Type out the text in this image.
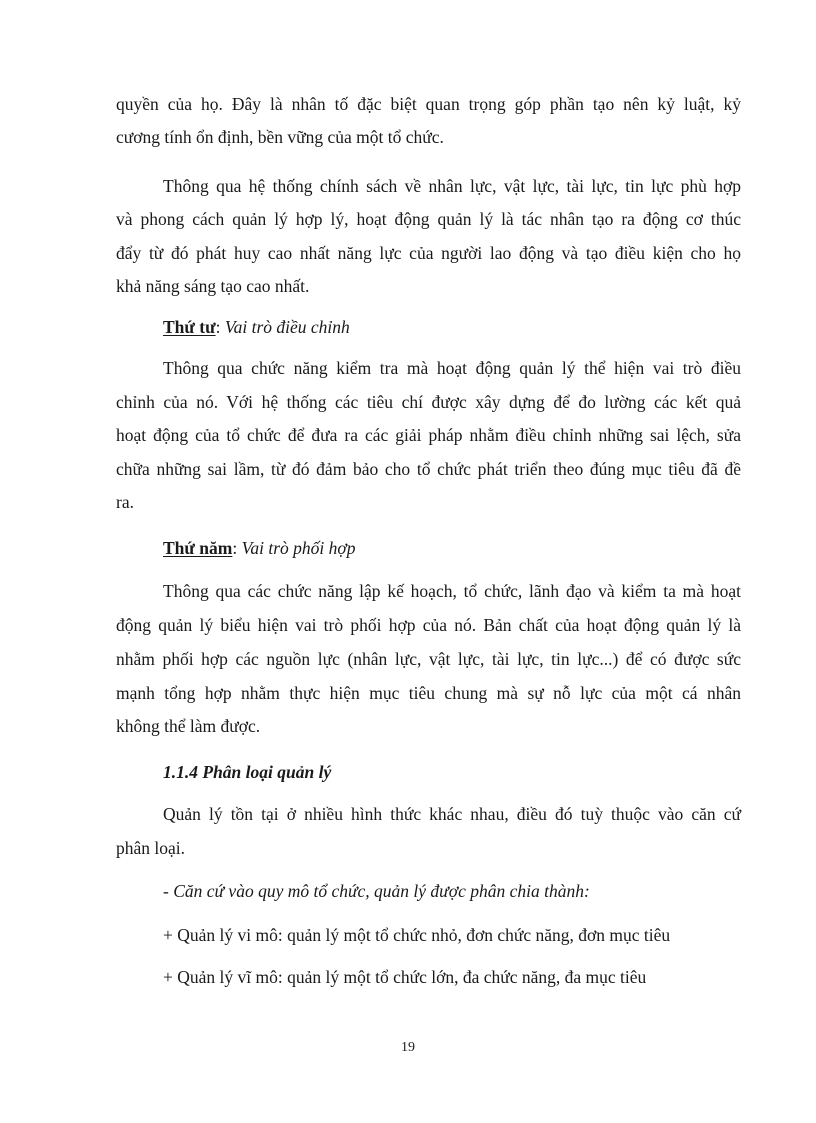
quyền của họ. Đây là nhân tố đặc biệt quan trọng góp phần tạo nên kỷ luật, kỷ
cương tính ổn định, bền vững của một tổ chức.
Thông qua hệ thống chính sách về nhân lực, vật lực, tài lực, tin lực phù hợp
và phong cách quản lý hợp lý, hoạt động quản lý là tác nhân tạo ra động cơ thúc
đẩy từ đó phát huy cao nhất năng lực của người lao động và tạo điều kiện cho họ
khả năng sáng tạo cao nhất.
Thứ tư: Vai trò điều chỉnh
Thông qua chức năng kiểm tra mà hoạt động quản lý thể hiện vai trò điều
chỉnh của nó. Với hệ thống các tiêu chí được xây dựng để đo lường các kết quả
hoạt động của tổ chức để đưa ra các giải pháp nhằm điều chỉnh những sai lệch, sửa
chữa những sai lầm, từ đó đảm bảo cho tổ chức phát triển theo đúng mục tiêu đã đề
ra.
Thứ năm: Vai trò phối hợp
Thông qua các chức năng lập kế hoạch, tổ chức, lãnh đạo và kiểm ta mà hoạt
động quản lý biểu hiện vai trò phối hợp của nó. Bản chất của hoạt động quản lý là
nhằm phối hợp các nguồn lực (nhân lực, vật lực, tài lực, tin lực...) để có được sức
mạnh tổng hợp nhằm thực hiện mục tiêu chung mà sự nỗ lực của một cá nhân
không thể làm được.
1.1.4 Phân loại quản lý
Quản lý tồn tại ở nhiều hình thức khác nhau, điều đó tuỳ thuộc vào căn cứ
phân loại.
- Căn cứ vào quy mô tổ chức, quản lý được phân chia thành:
+ Quản lý vi mô: quản lý một tổ chức nhỏ, đơn chức năng, đơn mục tiêu
+ Quản lý vĩ mô: quản lý một tổ chức lớn, đa chức năng, đa mục tiêu
19
